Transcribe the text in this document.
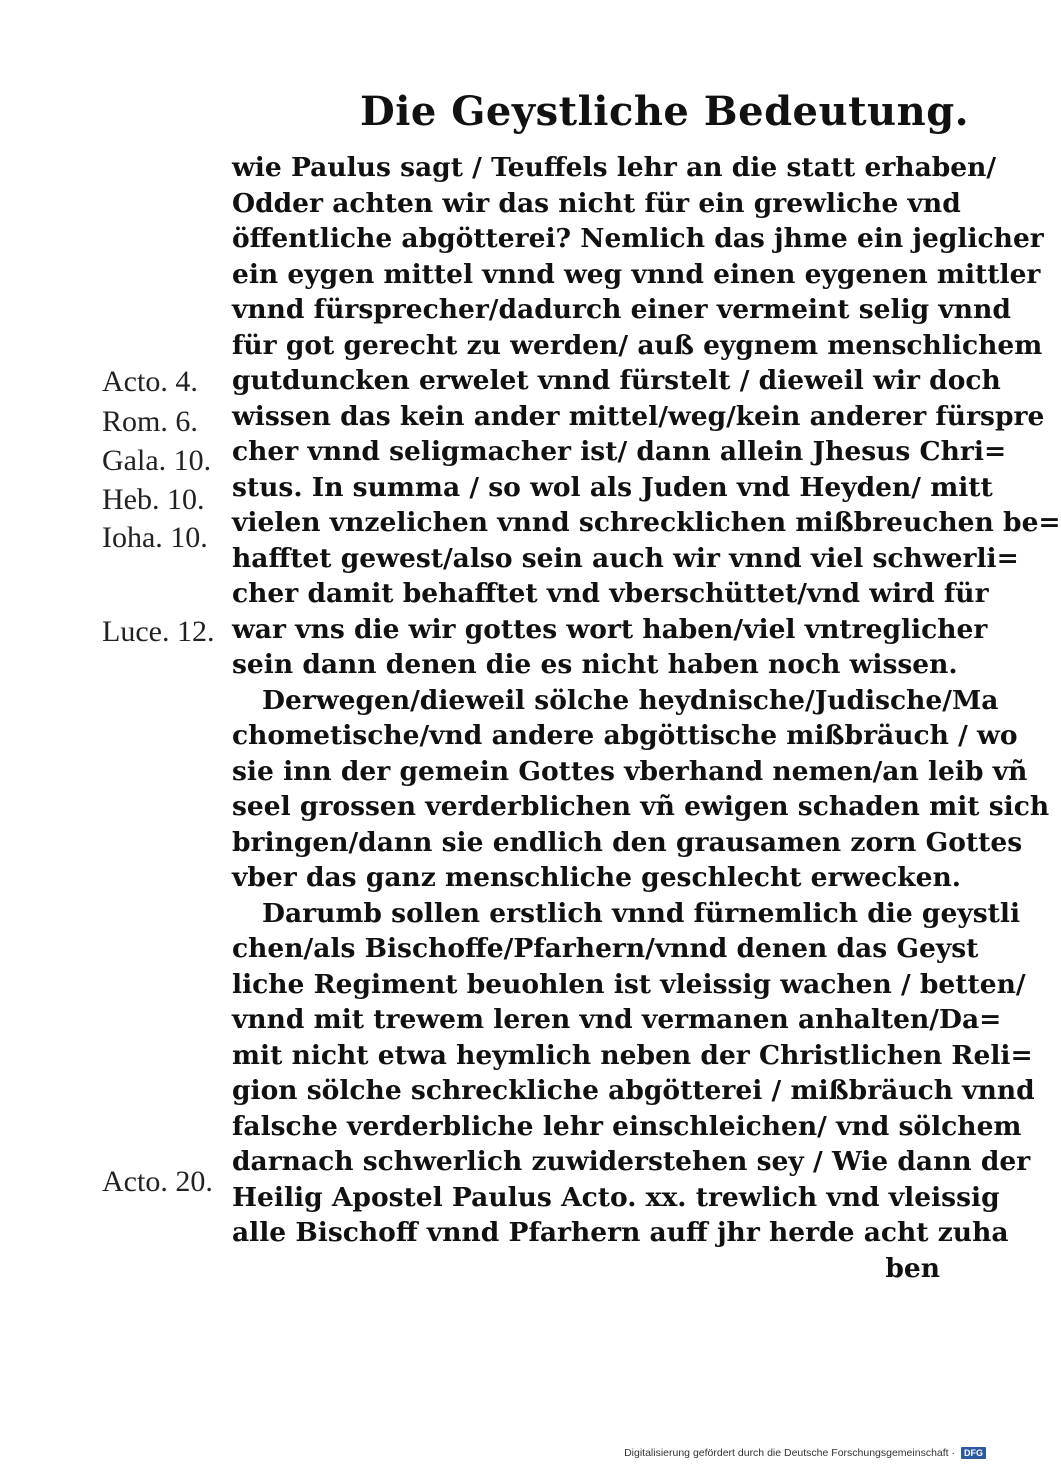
Die Geystliche Bedeutung.
wie Paulus sagt / Teuffels lehr an die statt erhaben/
Odder achten wir das nicht für ein grewliche vnd
öffentliche abgötterei? Nemlich das jhme ein jeglicher
ein eygen mittel vnnd weg vnnd einen eygenen mittler
vnnd fürsprecher/dadurch einer vermeint selig vnnd
für got gerecht zu werden/ auß eygnem menschlichem
gutduncken erwelet vnnd fürstelt / dieweil wir doch
wissen das kein ander mittel/weg/kein anderer fürspre
cher vnnd seligmacher ist/ dann allein Jhesus Chri=
stus. In summa / so wol als Juden vnd Heyden/ mitt
vielen vnzelichen vnnd schrecklichen mißbreuchen be=
hafftet gewest/also sein auch wir vnnd viel schwerli=
cher damit behafftet vnd vberschüttet/vnd wird für
war vns die wir gottes wort haben/viel vntreglicher
sein dann denen die es nicht haben noch wissen.
Derwegen/dieweil sölche heydnische/Judische/Ma
chometische/vnd andere abgöttische mißbräuch / wo
sie inn der gemein Gottes vberhand nemen/an leib vñ
seel grossen verderblichen vñ ewigen schaden mit sich
bringen/dann sie endlich den grausamen zorn Gottes
vber das ganz menschliche geschlecht erwecken.
Darumb sollen erstlich vnnd fürnemlich die geystli
chen/als Bischoffe/Pfarhern/vnnd denen das Geyst
liche Regiment beuohlen ist vleissig wachen / betten/
vnnd mit trewem leren vnd vermanen anhalten/Da=
mit nicht etwa heymlich neben der Christlichen Reli=
gion sölche schreckliche abgötterei / mißbräuch vnnd
falsche verderbliche lehr einschleichen/ vnd sölchem
darnach schwerlich zuwiderstehen sey / Wie dann der
Heilig Apostel Paulus Acto. xx. trewlich vnd vleissig
alle Bischoff vnnd Pfarhern auff jhr herde acht zuha
ben
Acto. 4.
Rom. 6.
Gala. 10.
Heb. 10.
Ioha. 10.
Luce. 12.
Acto. 20.
Digitalisierung gefördert durch die Deutsche Forschungsgemeinschaft ·	DFG
